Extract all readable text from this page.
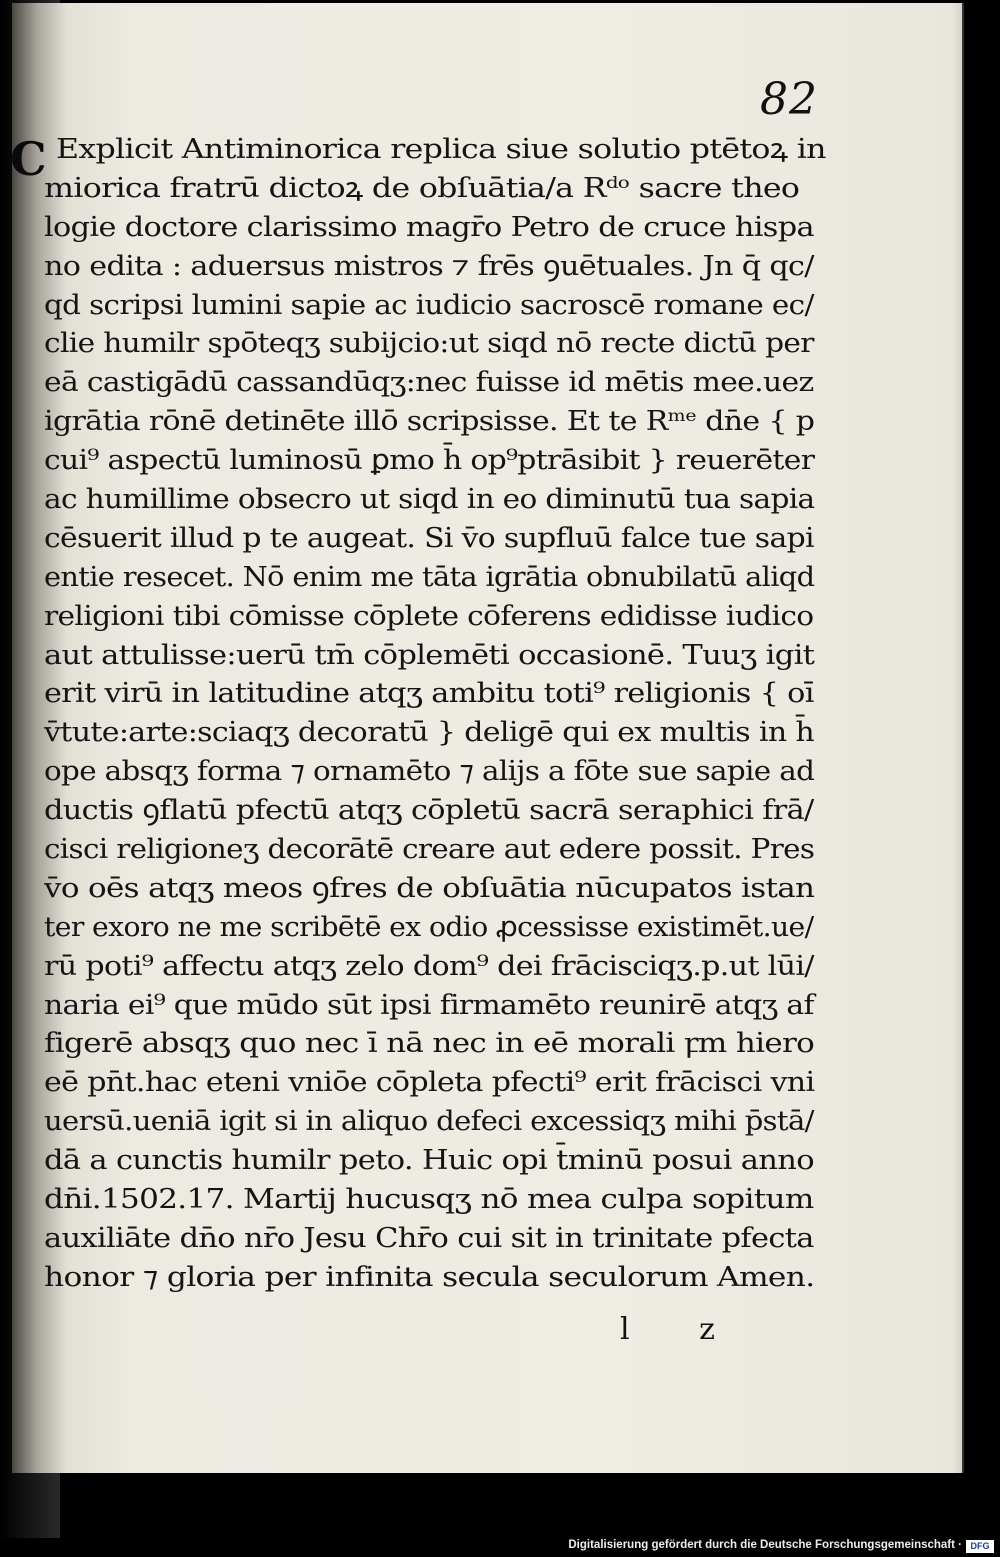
82
C Explicit Antiminorica replica siue solutio ptētoꝝ in
miorica fratrū dictoꝝ de obſuātia/a Rᵈᵒ sacre theo
logie doctore clarissimo magr̄o Petro de cruce hispa
no edita : aduersus mistros ⁊ frēs ꝯuētuales. Jn q̄ qc/
qd scripsi lumini sapie ac iudicio sacroscē romane ec/
clie humilr spōteqʒ subijcio:ut siqd nō recte dictū per
eā castigādū cassandūqʒ:nec fuisse id mētis mee.uez
igrātia rōnē detinēte illō scripsisse. Et te Rᵐᵉ dn̄e { p
cui⁹ aspectū luminosū ꝑmo h̄ op⁹ptrāsibit } reuerēter
ac humillime obsecro ut siqd in eo diminutū tua sapia
cēsuerit illud p te augeat. Si v̄o supfluū falce tue sapi
entie resecet. Nō enim me tāta igrātia obnubilatū aliqd
religioni tibi cōmisse cōplete cōferens edidisse iudico
aut attulisse:uerū tm̄ cōplemēti occasionē. Tuuʒ igit
erit virū in latitudine atqʒ ambitu toti⁹ religionis { oī
v̄tute:arte:sciaqʒ decoratū } deligē qui ex multis in h̄
ope absqʒ forma ⁊ ornamēto ⁊ alijs a fōte sue sapie ad
ductis ꝯflatū pfectū atqʒ cōpletū sacrā seraphici frā/
cisci religioneʒ decorātē creare aut edere possit. Pres
v̄o oēs atqʒ meos ꝯfres de obſuātia nūcupatos istan
ter exoro ne me scribētē ex odio ꝓcessisse existimēt.ue/
rū poti⁹ affectu atqʒ zelo dom⁹ dei frācisciqʒ.p.ut lūi/
naria ei⁹ que mūdo sūt ipsi firmamēto reunirē atqʒ af
figerē absqʒ quo nec ī nā nec in eē morali ꝼm hiero
eē pn̄t.hac eteni vniōe cōpleta pfecti⁹ erit frācisci vni
uersū.ueniā igit si in aliquo defeci excessiqʒ mihi p̄stā/
dā a cunctis humilr peto. Huic opi t̄minū posui anno
dn̄i.1502.17. Martij hucusqʒ nō mea culpa sopitum
auxiliāte dn̄o nr̄o Jesu Chr̄o cui sit in trinitate pfecta
honor ⁊ gloria per infinita secula seculorum Amen.
l z
Digitalisierung gefördert durch die Deutsche Forschungsgemeinschaft · DFG
